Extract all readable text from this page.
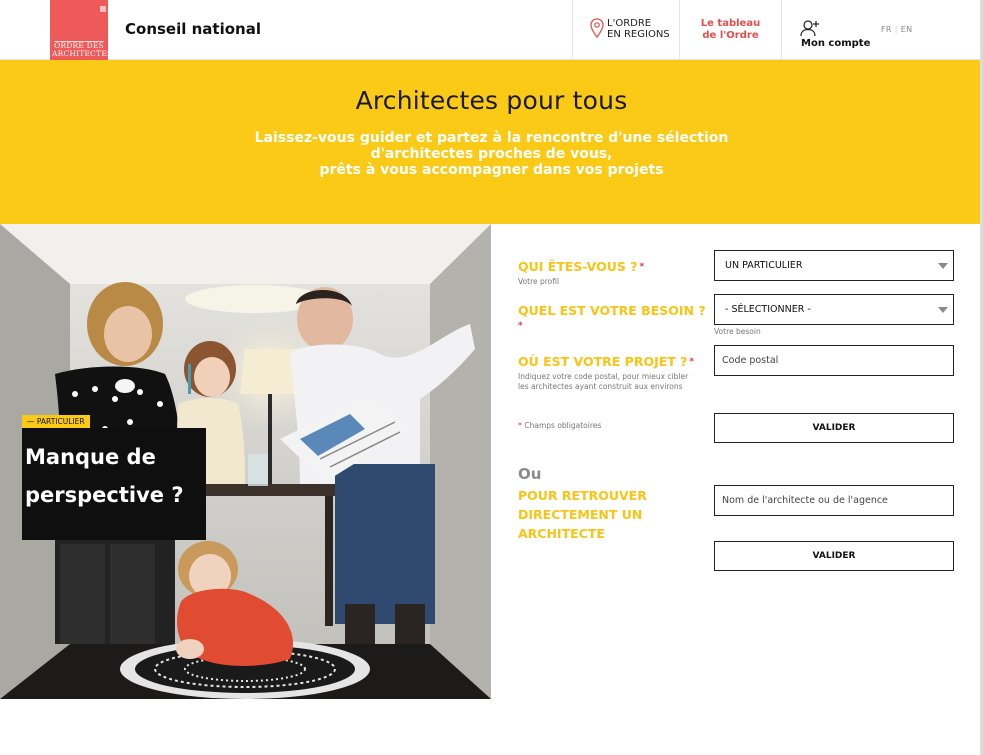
ORDRE DES ARCHITECTES
Conseil national	L'ORDRE
EN REGIONS
Le tableau
de l'Ordre
Mon compte
FR | EN
Architectes pour tous
Laissez-vous guider et partez à la rencontre d'une sélection
d'architectes proches de vous,
prêts à vous accompagner dans vos projets
— PARTICULIER
Manque de
perspective ?
QUI ÊTES-VOUS ? *
Votre profil
UN PARTICULIER
QUEL EST VOTRE BESOIN ?
*
- SÉLECTIONNER -
Votre besoin
OÙ EST VOTRE PROJET ? *
Indiquez votre code postal, pour mieux cibler les architectes ayant construit aux environs
Code postal
* Champs obligatoires	VALIDER
Ou
POUR RETROUVER
DIRECTEMENT UN
ARCHITECTE
Nom de l'architecte ou de l'agence
VALIDER
